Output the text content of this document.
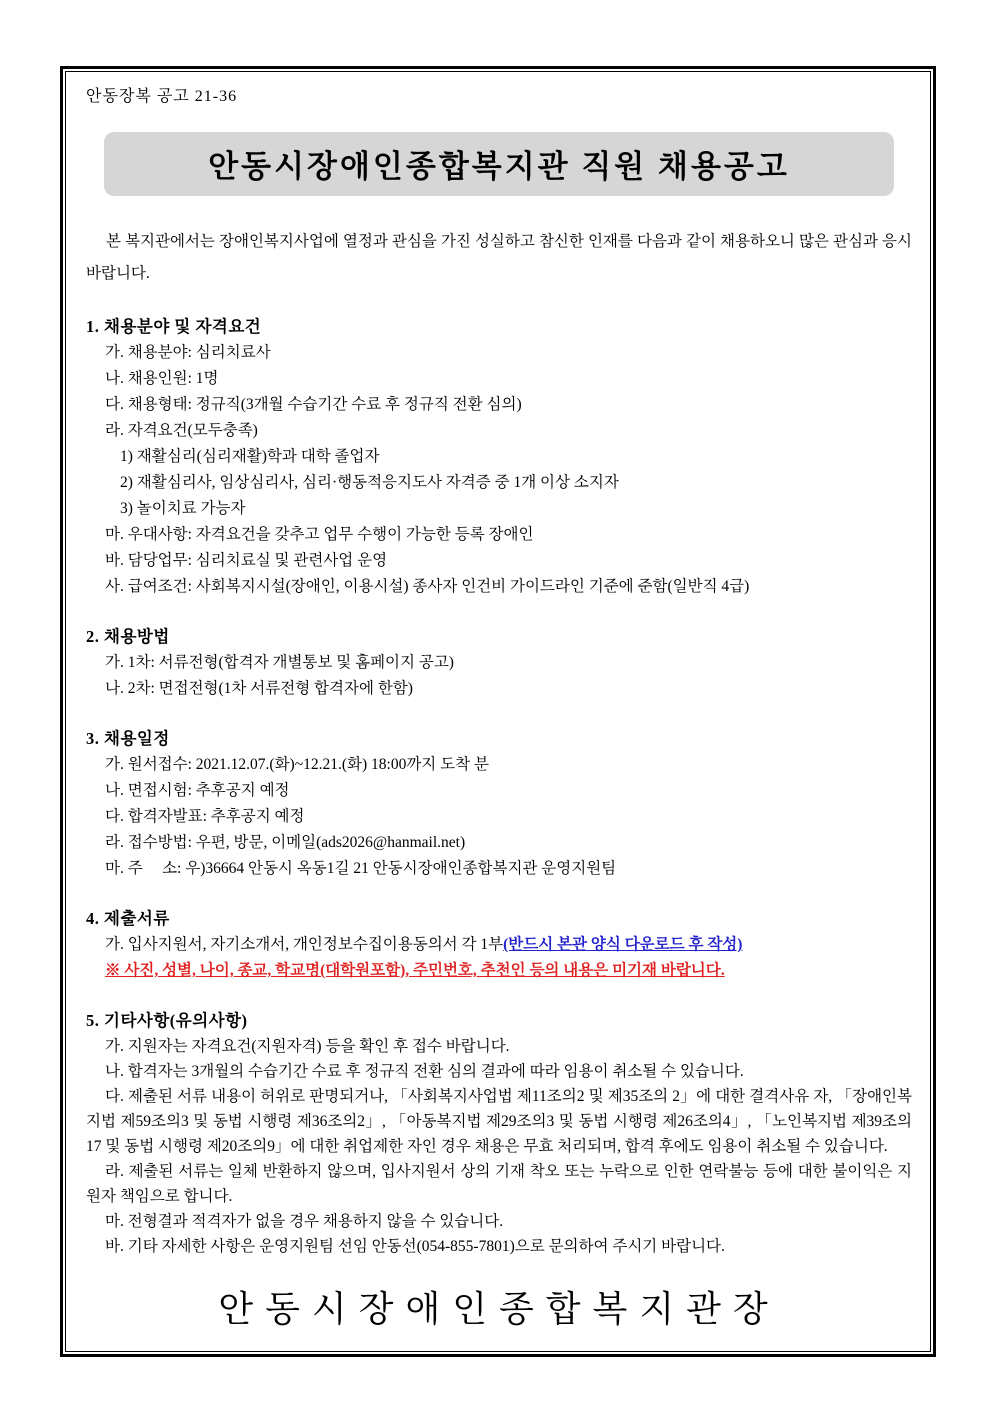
안동장복 공고 21-36
안동시장애인종합복지관 직원 채용공고

본 복지관에서는 장애인복지사업에 열정과 관심을 가진 성실하고 참신한 인재를 다음과 같이 채용하오니 많은 관심과 응시 바랍니다.

1. 채용분야 및 자격요건

가. 채용분야: 심리치료사
나. 채용인원: 1명
다. 채용형태: 정규직(3개월 수습기간 수료 후 정규직 전환 심의)
라. 자격요건(모두충족)
1) 재활심리(심리재활)학과 대학 졸업자
2) 재활심리사, 임상심리사, 심리·행동적응지도사 자격증 중 1개 이상 소지자
3) 놀이치료 가능자
마. 우대사항: 자격요건을 갖추고 업무 수행이 가능한 등록 장애인
바. 담당업무: 심리치료실 및 관련사업 운영
사. 급여조건: 사회복지시설(장애인, 이용시설) 종사자 인건비 가이드라인 기준에 준함(일반직 4급)

2. 채용방법

가. 1차: 서류전형(합격자 개별통보 및 홈페이지 공고)
나. 2차: 면접전형(1차 서류전형 합격자에 한함)

3. 채용일정

가. 원서접수: 2021.12.07.(화)~12.21.(화) 18:00까지 도착 분
나. 면접시험: 추후공지 예정
다. 합격자발표: 추후공지 예정
라. 접수방법: 우편, 방문, 이메일(ads2026@hanmail.net)
마. 주     소: 우)36664 안동시 옥동1길 21 안동시장애인종합복지관 운영지원팀

4. 제출서류

가. 입사지원서, 자기소개서, 개인정보수집이용동의서 각 1부(반드시 본관 양식 다운로드 후 작성)
※ 사진, 성별, 나이, 종교, 학교명(대학원포함), 주민번호, 추천인 등의 내용은 미기재 바랍니다.

5. 기타사항(유의사항)

가. 지원자는 자격요건(지원자격) 등을 확인 후 접수 바랍니다.
나. 합격자는 3개월의 수습기간 수료 후 정규직 전환 심의 결과에 따라 임용이 취소될 수 있습니다.

다. 제출된 서류 내용이 허위로 판명되거나, 「사회복지사업법 제11조의2 및 제35조의 2」에 대한 결격사유 자, 「장애인복지법 제59조의3 및 동법 시행령 제36조의2」, 「아동복지법 제29조의3 및 동법 시행령 제26조의4」, 「노인복지법 제39조의17 및 동법 시행령 제20조의9」에 대한 취업제한 자인 경우 채용은 무효 처리되며, 합격 후에도 임용이 취소될 수 있습니다.

라. 제출된 서류는 일체 반환하지 않으며, 입사지원서 상의 기재 착오 또는 누락으로 인한 연락불능 등에 대한 불이익은 지원자 책임으로 합니다.

마. 전형결과 적격자가 없을 경우 채용하지 않을 수 있습니다.
바. 기타 자세한 사항은 운영지원팀 선임 안동선(054-855-7801)으로 문의하여 주시기 바랍니다.
안동시장애인종합복지관장
